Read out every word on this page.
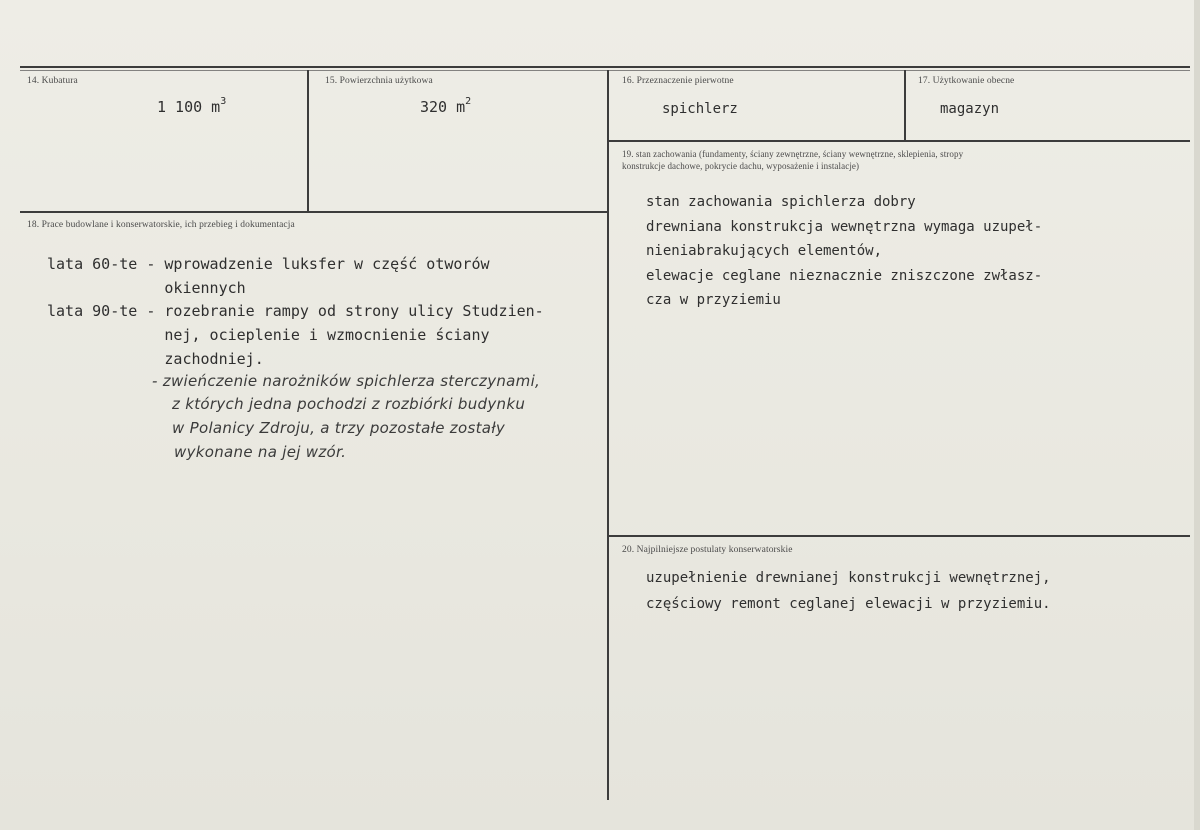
14. Kubatura
1 100 $m^3$
15. Powierzchnia użytkowa
320 $m^2$
16. Przeznaczenie pierwotne
spichlerz
17. Użytkowanie obecne
magazyn
19. stan zachowania (fundamenty, ściany zewnętrzne, ściany wewnętrzne, sklepienia, stropy
konstrukcje dachowe, pokrycie dachu, wyposażenie i instalacje)
stan zachowania spichlerza dobry
drewniana konstrukcja wewnętrzna wymaga uzupeł-
nieniabrakujących elementów,
elewacje ceglane nieznacznie zniszczone zwłasz-
cza w przyziemiu
18. Prace budowlane i konserwatorskie, ich przebieg i dokumentacja
lata 60-te - wprowadzenie luksfer w część otworów
okiennych
lata 90-te - rozebranie rampy od strony ulicy Studzien-
nej, ocieplenie i wzmocnienie ściany
zachodniej.
- zwieńczenie narożników spichlerza sterczynami,
z których jedna pochodzi z rozbiórki budynku
w Polanicy Zdroju, a trzy pozostałe zostały
wykonane na jej wzór.
20. Najpilniejsze postulaty konserwatorskie
uzupełnienie drewnianej konstrukcji wewnętrznej,
częściowy remont ceglanej elewacji w przyziemiu.
